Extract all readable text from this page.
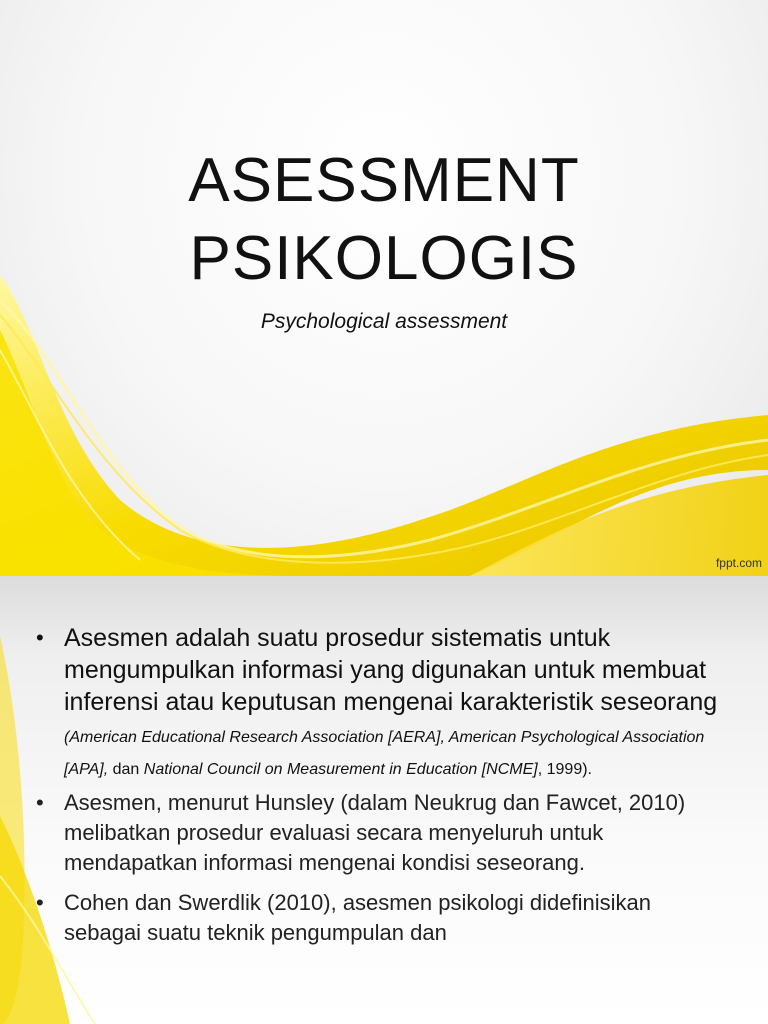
ASESSMENT
PSIKOLOGIS
Psychological assessment
fppt.com
• Asesmen adalah suatu prosedur sistematis untuk mengumpulkan informasi yang digunakan untuk membuat inferensi atau keputusan mengenai karakteristik seseorang (American Educational Research Association [AERA], American Psychological Association [APA], dan National Council on Measurement in Education [NCME], 1999).
• Asesmen, menurut Hunsley (dalam Neukrug dan Fawcet, 2010) melibatkan prosedur evaluasi secara menyeluruh untuk mendapatkan informasi mengenai kondisi seseorang.
• Cohen dan Swerdlik (2010), asesmen psikologi didefinisikan sebagai suatu teknik pengumpulan dan
